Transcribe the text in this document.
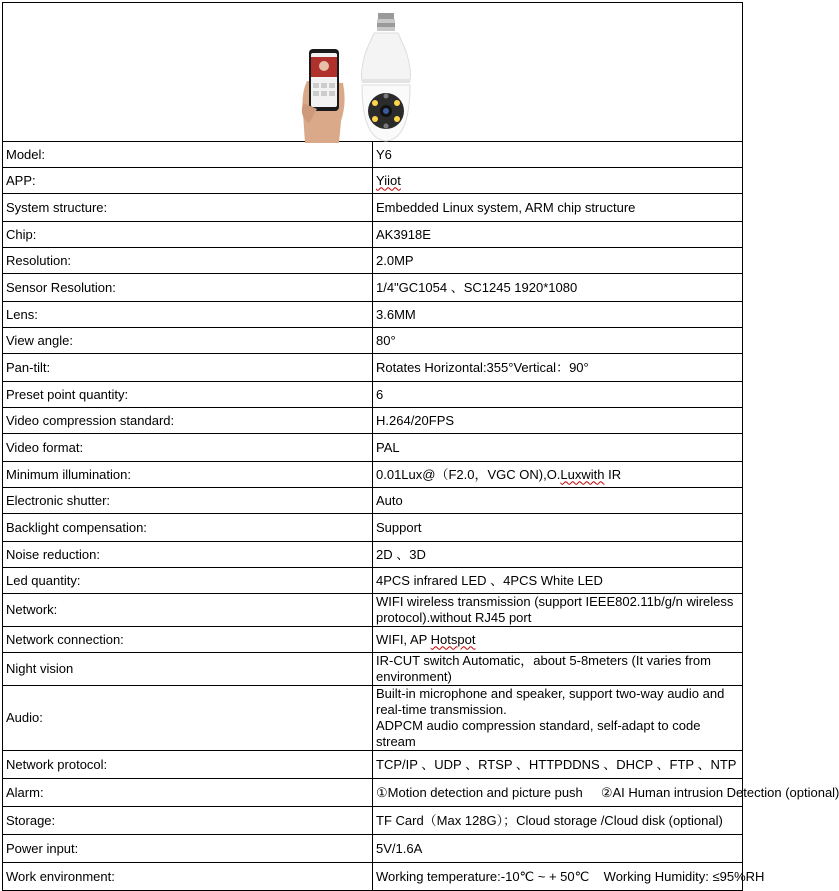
Model:	Y6
APP:	Yiiot
System structure:	Embedded Linux system, ARM chip structure
Chip:	AK3918E
Resolution:	2.0MP
Sensor Resolution:	1/4"GC1054 、SC1245 1920*1080
Lens:	3.6MM
View angle:	80°
Pan-tilt:	Rotates Horizontal:355°Vertical：90°
Preset point quantity:	6
Video compression standard:	H.264/20FPS
Video format:	PAL
Minimum illumination:	0.01Lux@（F2.0，VGC ON),O.Luxwith IR
Electronic shutter:	Auto
Backlight compensation:	Support
Noise reduction:	2D 、3D
Led quantity:	4PCS infrared LED 、4PCS White LED
Network:	WIFI wireless transmission (support IEEE802.11b/g/n wireless protocol).without RJ45 port
Network connection:	WIFI, AP Hotspot
Night vision	IR-CUT switch Automatic，about 5-8meters (It varies from environment)
Audio:	Built-in microphone and speaker, support two-way audio and real-time transmission.
ADPCM audio compression standard, self-adapt to code stream

Network protocol:	TCP/IP 、UDP 、RTSP 、HTTPDDNS 、DHCP 、FTP 、NTP
Alarm:	①Motion detection and picture push     ②AI Human intrusion Detection (optional)
Storage:	TF Card（Max 128G）；Cloud storage /Cloud disk (optional)
Power input:	5V/1.6A
Work environment:	Working temperature:-10℃ ~ + 50℃    Working Humidity: ≤95%RH
